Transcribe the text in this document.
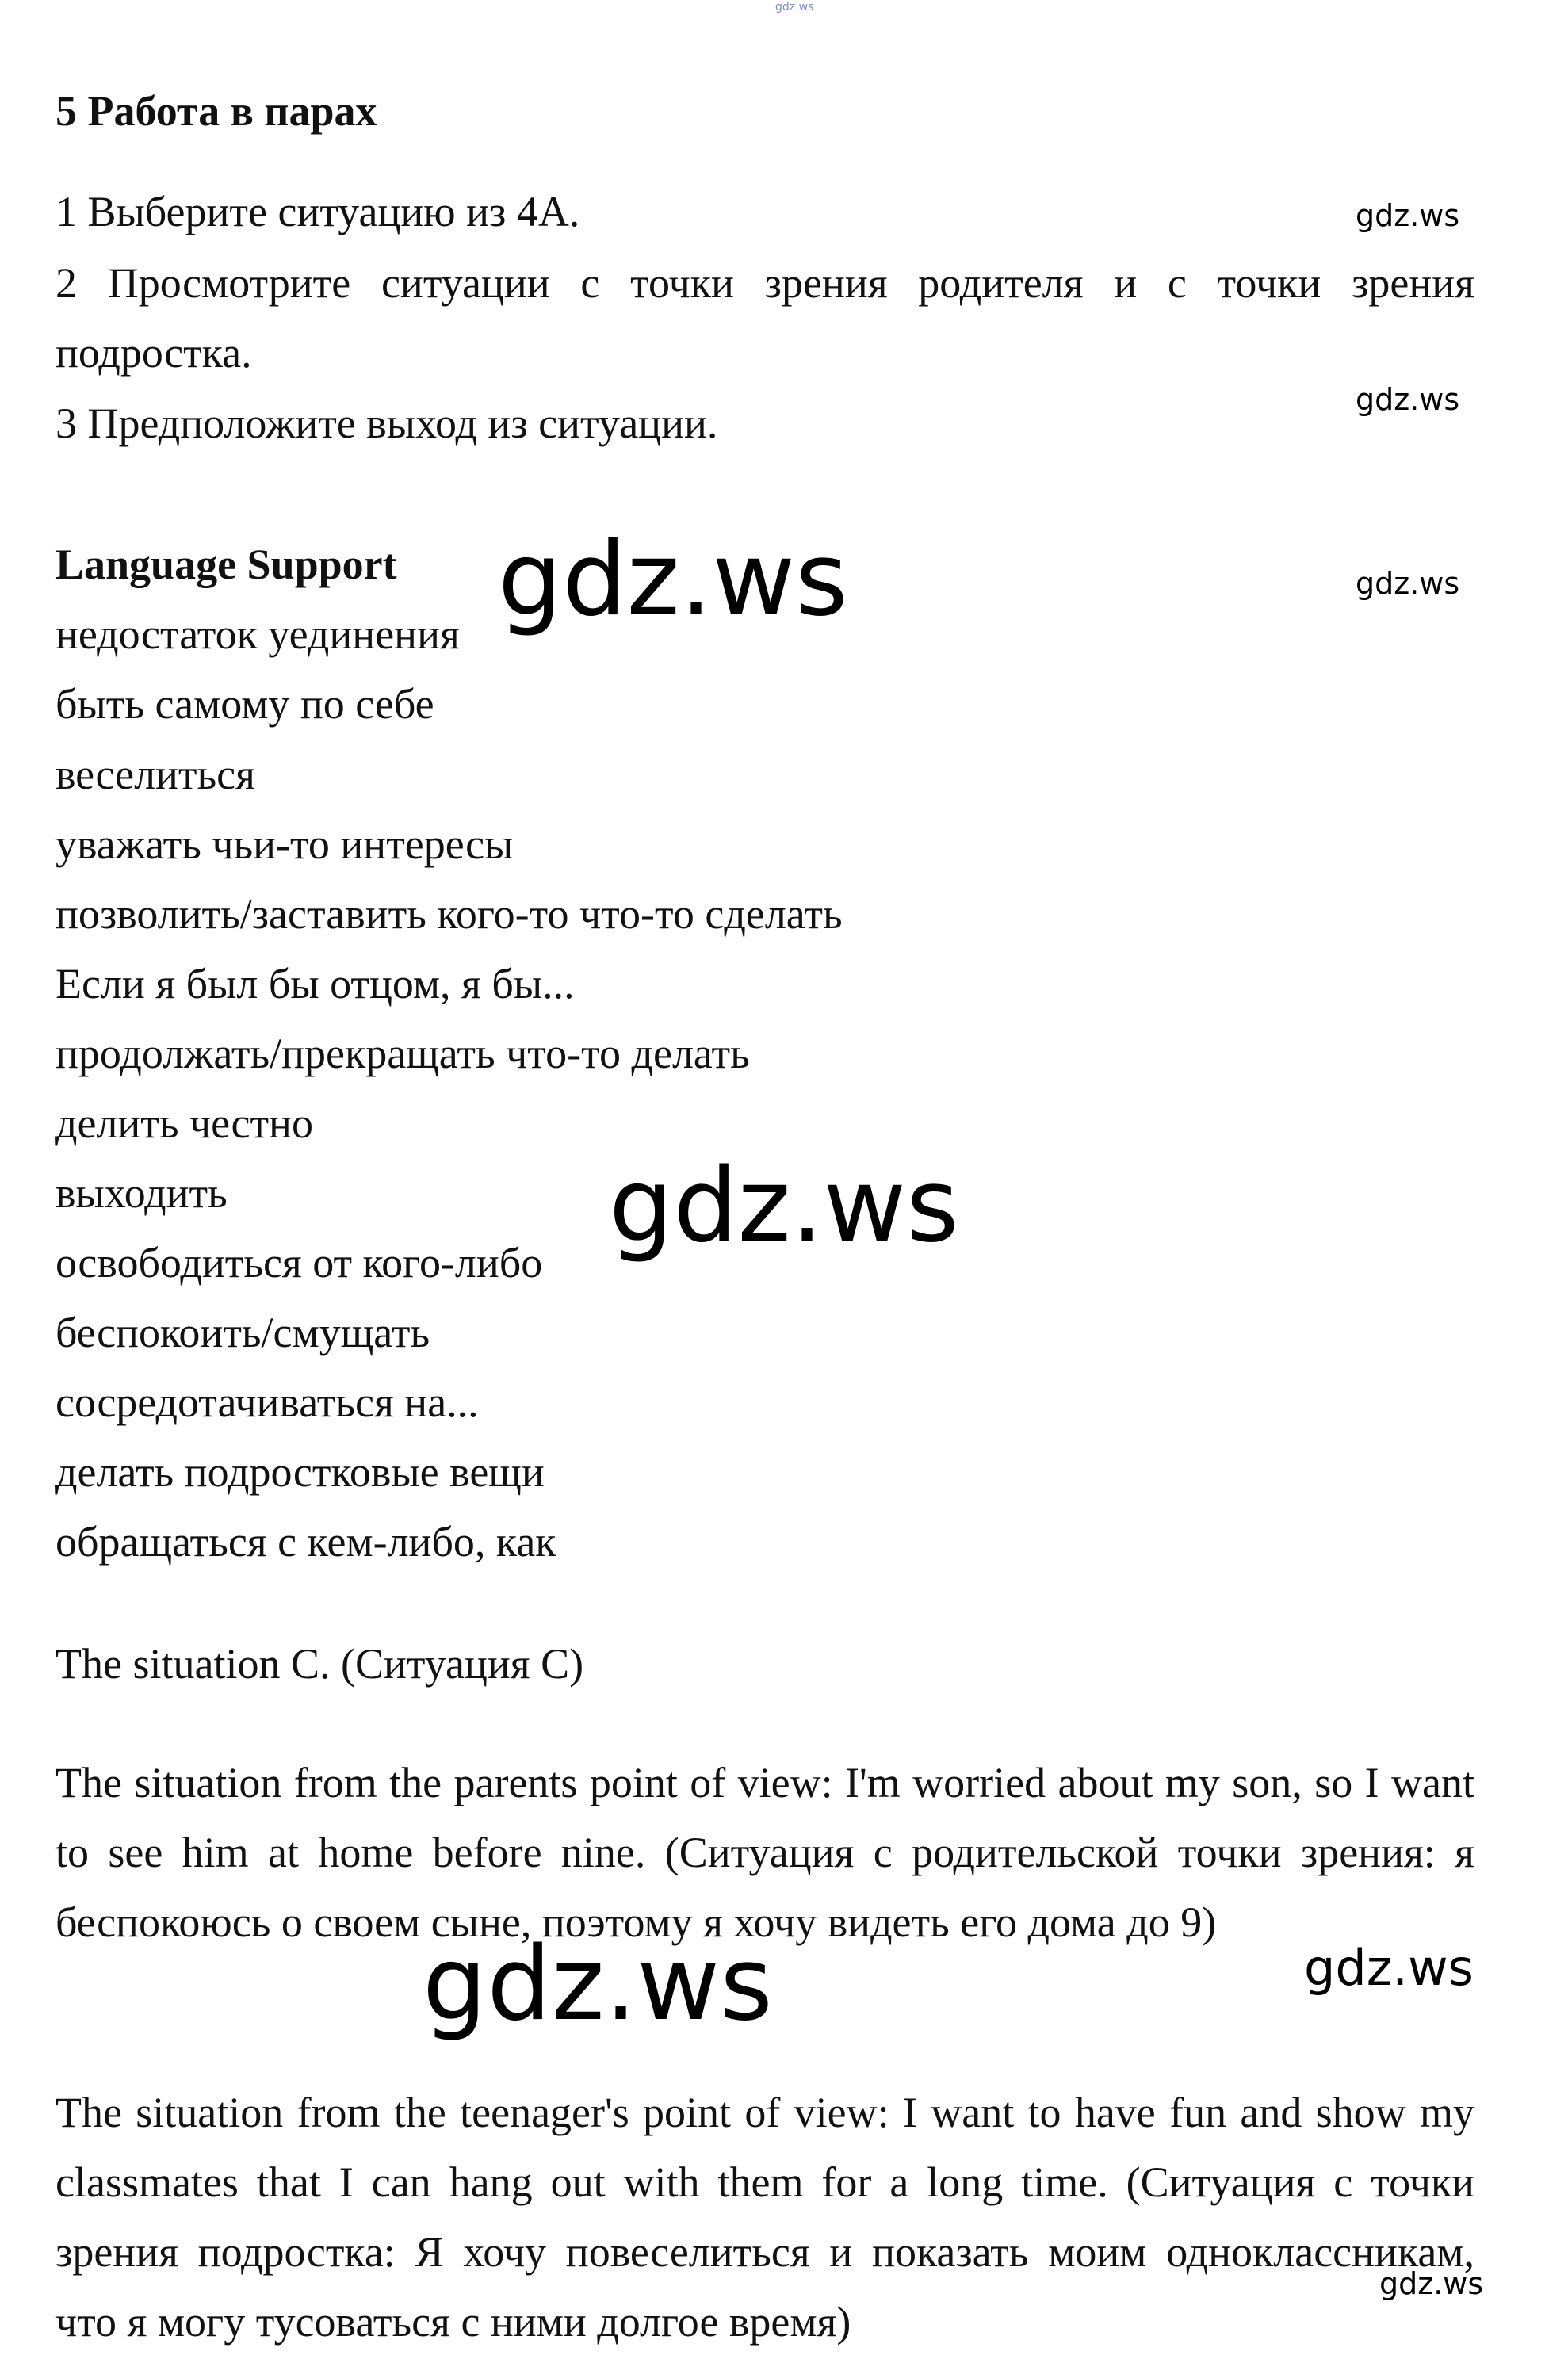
gdz.ws
5 Работа в парах
1 Выберите ситуацию из 4А.

2 Просмотрите ситуации с точки зрения родителя и с точки зрения подростка.

3 Предположите выход из ситуации.
gdz.ws
gdz.ws
gdz.ws
Language Support
недостаток уединения
быть самому по себе
веселиться
уважать чьи-то интересы
позволить/заставить кого-то что-то сделать
Если я был бы отцом, я бы...
продолжать/прекращать что-то делать
делить честно
выходить
освободиться от кого-либо
беспокоить/смущать
сосредотачиваться на...
делать подростковые вещи
обращаться с кем-либо, как
gdz.ws
gdz.ws
The situation C. (Ситуация С)

The situation from the parents point of view: I'm worried about my son, so I want to see him at home before nine. (Ситуация с родительской точки зрения: я беспокоюсь о своем сыне, поэтому я хочу видеть его дома до 9)

gdz.ws
gdz.ws

The situation from the teenager's point of view: I want to have fun and show my classmates that I can hang out with them for a long time. (Ситуация с точки зрения подростка: Я хочу повеселиться и показать моим одноклассникам, что я могу тусоваться с ними долгое время)

gdz.ws
